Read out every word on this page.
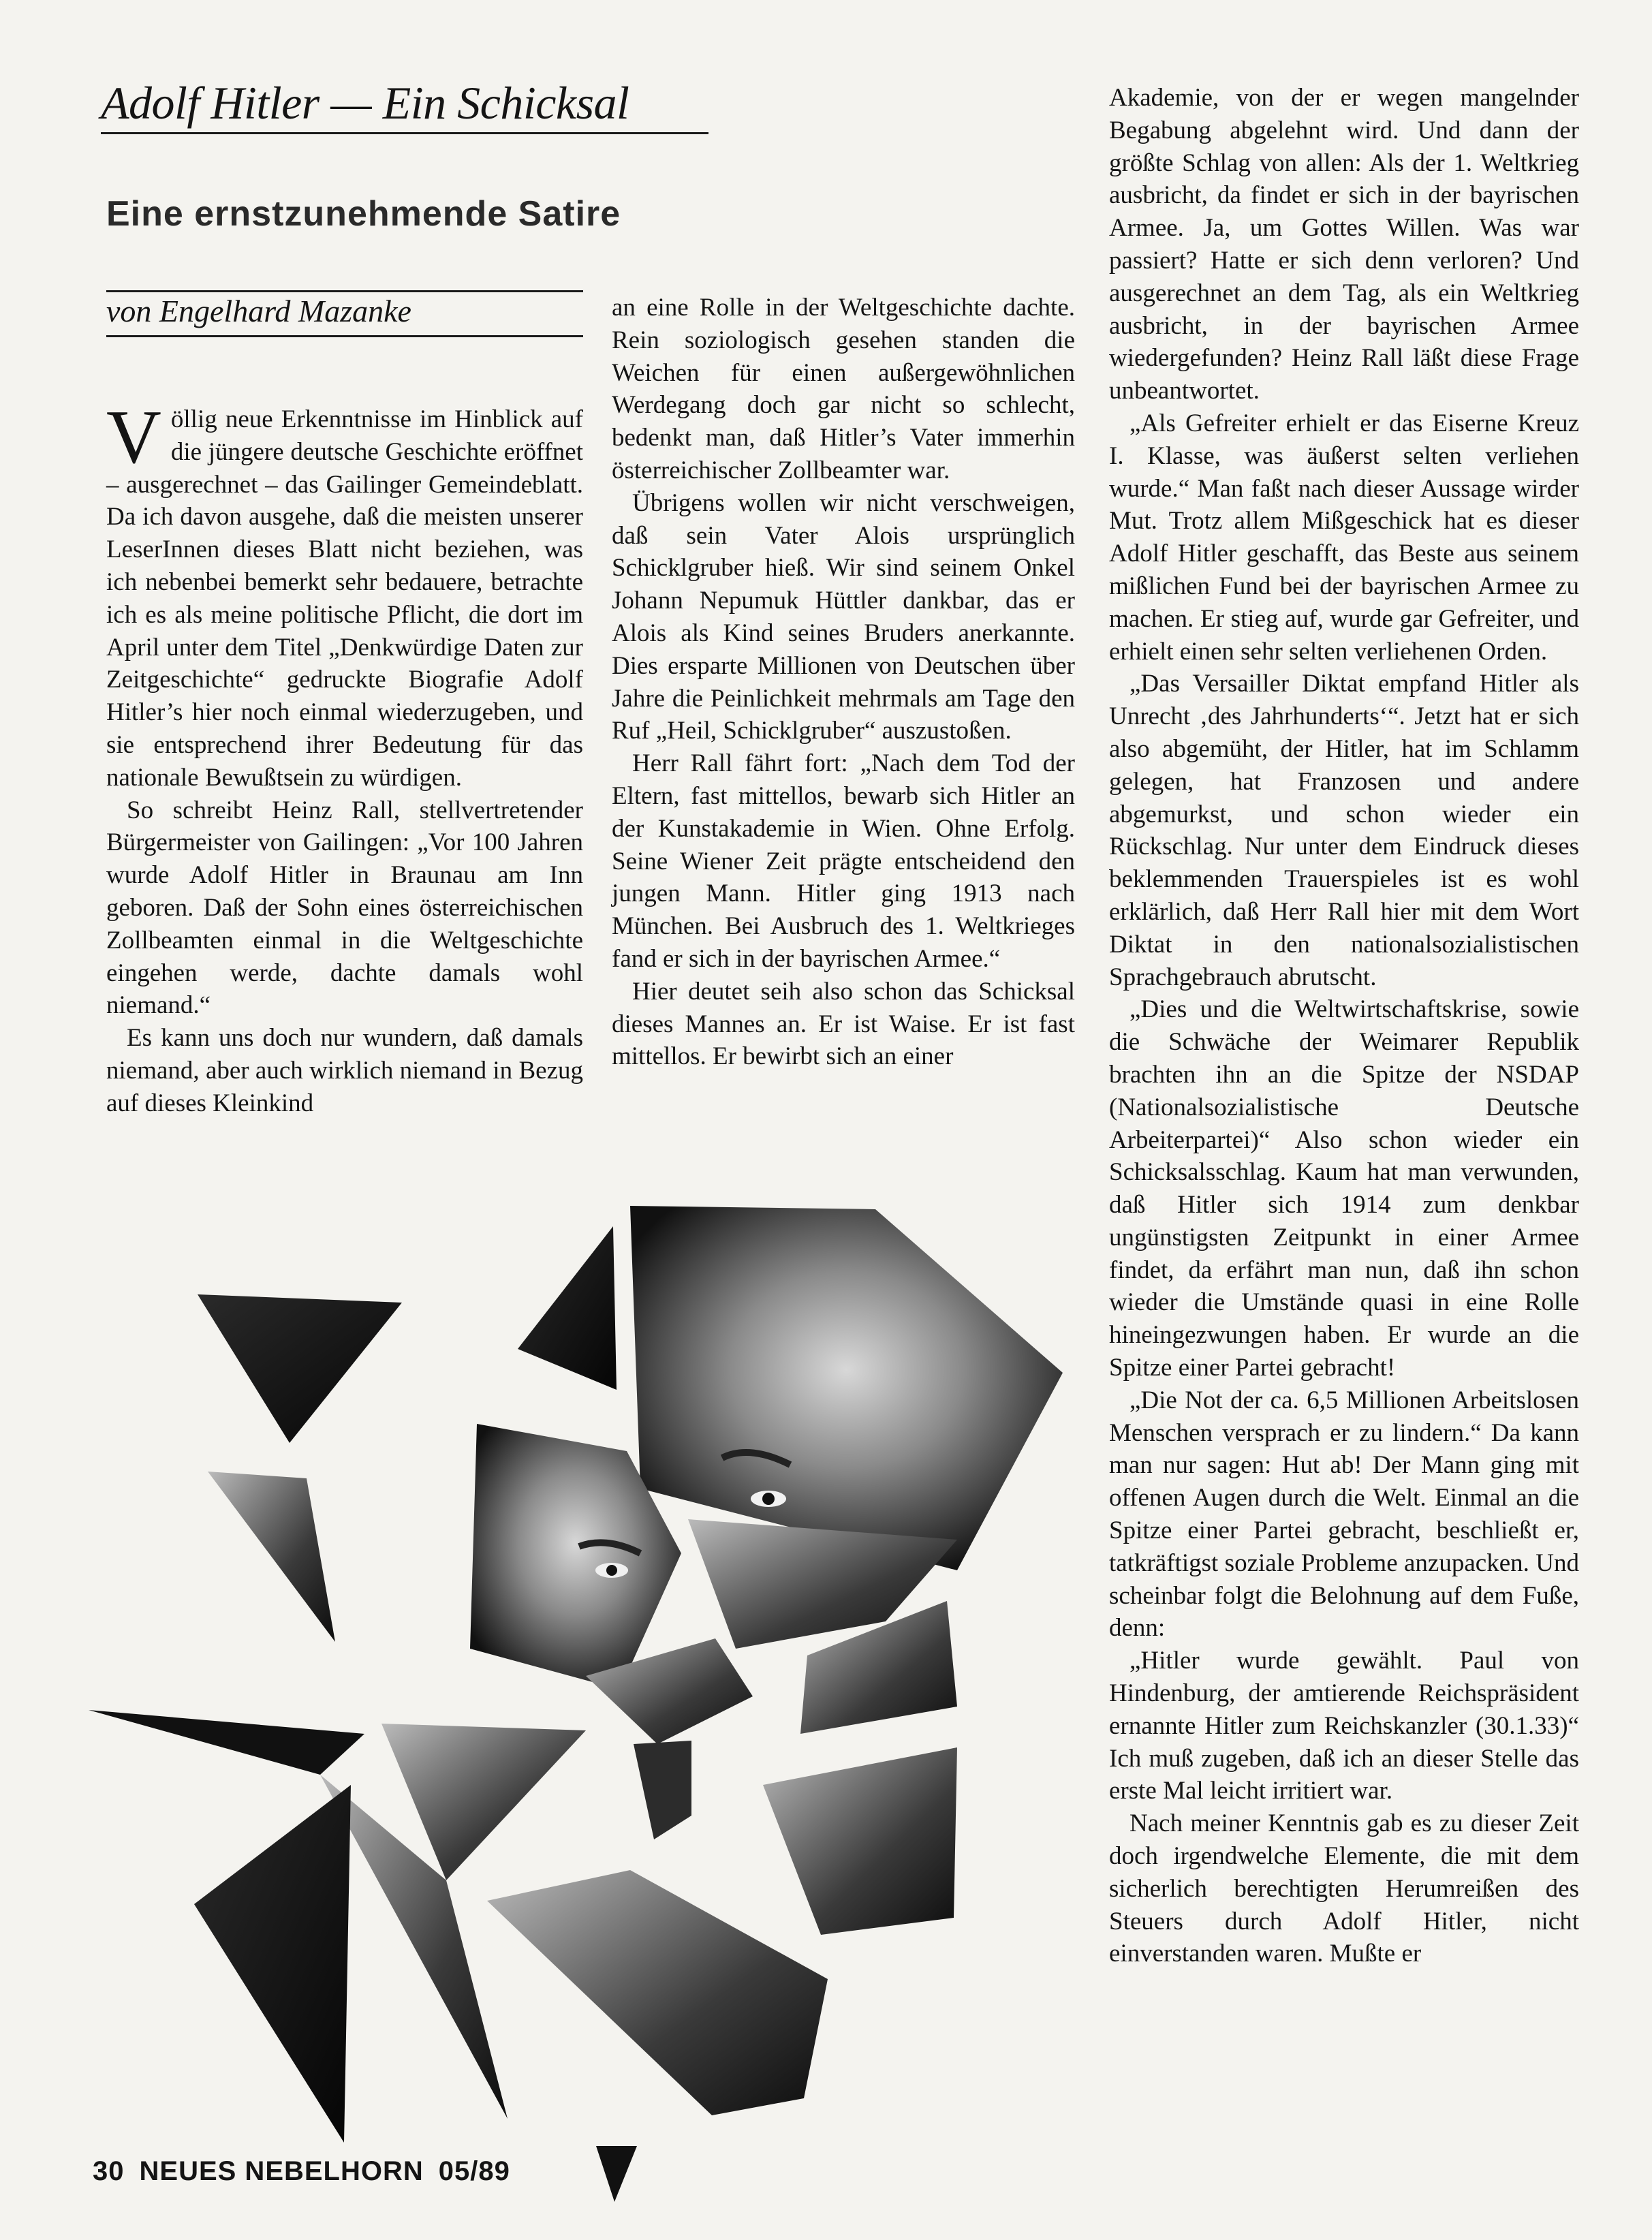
Adolf Hitler — Ein Schicksal
Eine ernstzunehmende Satire
von Engelhard Mazanke

Völlig neue Erkenntnisse im Hinblick auf die jüngere deutsche Geschichte eröffnet – ausgerechnet – das Gailinger Gemeindeblatt. Da ich davon ausgehe, daß die meisten unserer LeserInnen dieses Blatt nicht beziehen, was ich nebenbei bemerkt sehr bedauere, betrachte ich es als meine politische Pflicht, die dort im April unter dem Titel „Denkwürdige Daten zur Zeitgeschichte“ gedruckte Biografie Adolf Hitler’s hier noch einmal wiederzugeben, und sie entsprechend ihrer Bedeutung für das nationale Bewußtsein zu würdigen.

So schreibt Heinz Rall, stellvertretender Bürgermeister von Gailingen: „Vor 100 Jahren wurde Adolf Hitler in Braunau am Inn geboren. Daß der Sohn eines österreichischen Zollbeamten einmal in die Weltgeschichte eingehen werde, dachte damals wohl niemand.“

Es kann uns doch nur wundern, daß damals niemand, aber auch wirklich niemand in Bezug auf dieses Kleinkind

an eine Rolle in der Weltgeschichte dachte. Rein soziologisch gesehen standen die Weichen für einen außergewöhnlichen Werdegang doch gar nicht so schlecht, bedenkt man, daß Hitler’s Vater immerhin österreichischer Zollbeamter war.

Übrigens wollen wir nicht verschweigen, daß sein Vater Alois ursprünglich Schicklgruber hieß. Wir sind seinem Onkel Johann Nepumuk Hüttler dankbar, das er Alois als Kind seines Bruders anerkannte. Dies ersparte Millionen von Deutschen über Jahre die Peinlichkeit mehrmals am Tage den Ruf „Heil, Schicklgruber“ auszustoßen.

Herr Rall fährt fort: „Nach dem Tod der Eltern, fast mittellos, bewarb sich Hitler an der Kunstakademie in Wien. Ohne Erfolg. Seine Wiener Zeit prägte entscheidend den jungen Mann. Hitler ging 1913 nach München. Bei Ausbruch des 1. Weltkrieges fand er sich in der bayrischen Armee.“

Hier deutet seih also schon das Schicksal dieses Mannes an. Er ist Waise. Er ist fast mittellos. Er bewirbt sich an einer

Akademie, von der er wegen mangelnder Begabung abgelehnt wird. Und dann der größte Schlag von allen: Als der 1. Weltkrieg ausbricht, da findet er sich in der bayrischen Armee. Ja, um Gottes Willen. Was war passiert? Hatte er sich denn verloren? Und ausgerechnet an dem Tag, als ein Weltkrieg ausbricht, in der bayrischen Armee wiedergefunden? Heinz Rall läßt diese Frage unbeantwortet.

„Als Gefreiter erhielt er das Eiserne Kreuz I. Klasse, was äußerst selten verliehen wurde.“ Man faßt nach dieser Aussage wirder Mut. Trotz allem Mißgeschick hat es dieser Adolf Hitler geschafft, das Beste aus seinem mißlichen Fund bei der bayrischen Armee zu machen. Er stieg auf, wurde gar Gefreiter, und erhielt einen sehr selten verliehenen Orden.

„Das Versailler Diktat empfand Hitler als Unrecht ‚des Jahrhunderts‘“. Jetzt hat er sich also abgemüht, der Hitler, hat im Schlamm gelegen, hat Franzosen und andere abgemurkst, und schon wieder ein Rückschlag. Nur unter dem Eindruck dieses beklemmenden Trauerspieles ist es wohl erklärlich, daß Herr Rall hier mit dem Wort Diktat in den nationalsozialistischen Sprachgebrauch abrutscht.

„Dies und die Weltwirtschaftskrise, sowie die Schwäche der Weimarer Republik brachten ihn an die Spitze der NSDAP (Nationalsozialistische Deutsche Arbeiterpartei)“ Also schon wieder ein Schicksalsschlag. Kaum hat man verwunden, daß Hitler sich 1914 zum denkbar ungünstigsten Zeitpunkt in einer Armee findet, da erfährt man nun, daß ihn schon wieder die Umstände quasi in eine Rolle hineingezwungen haben. Er wurde an die Spitze einer Partei gebracht!

„Die Not der ca. 6,5 Millionen Arbeitslosen Menschen versprach er zu lindern.“ Da kann man nur sagen: Hut ab! Der Mann ging mit offenen Augen durch die Welt. Einmal an die Spitze einer Partei gebracht, beschließt er, tatkräftigst soziale Probleme anzupacken. Und scheinbar folgt die Belohnung auf dem Fuße, denn:

„Hitler wurde gewählt. Paul von Hindenburg, der amtierende Reichspräsident ernannte Hitler zum Reichskanzler (30.1.33)“ Ich muß zugeben, daß ich an dieser Stelle das erste Mal leicht irritiert war.

Nach meiner Kenntnis gab es zu dieser Zeit doch irgendwelche Elemente, die mit dem sicherlich berechtigten Herumreißen des Steuers durch Adolf Hitler, nicht einverstanden waren. Mußte er

30 NEUES NEBELHORN 05/89
